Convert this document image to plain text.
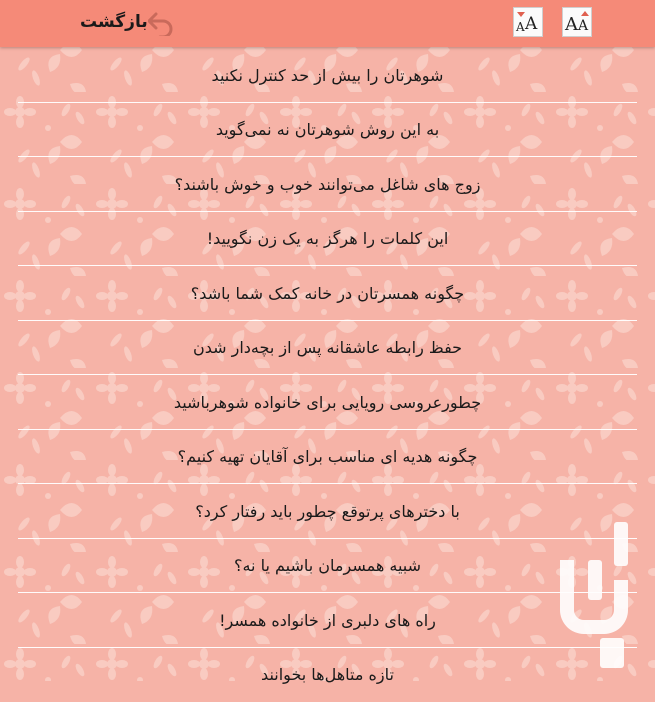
A A
A A
بازگشت
شوهرتان را بیش از حد کنترل نکنید
به این روش شوهرتان نه نمی‌گوید
زوج های شاغل می‌توانند خوب و خوش باشند؟
این کلمات را هرگز به یک زن نگویید!
چگونه همسرتان در خانه کمک شما باشد؟
حفظ رابطه عاشقانه پس از بچه‌دار شدن
چطورعروسی رویایی برای خانواده شوهرباشید
چگونه هدیه ای مناسب برای آقایان تهیه کنیم؟
با دخترهای پرتوقع چطور باید رفتار کرد؟
شبیه همسرمان باشیم یا نه؟
راه های دلبری از خانواده همسر!
تازه متاهل‌ها بخوانند
